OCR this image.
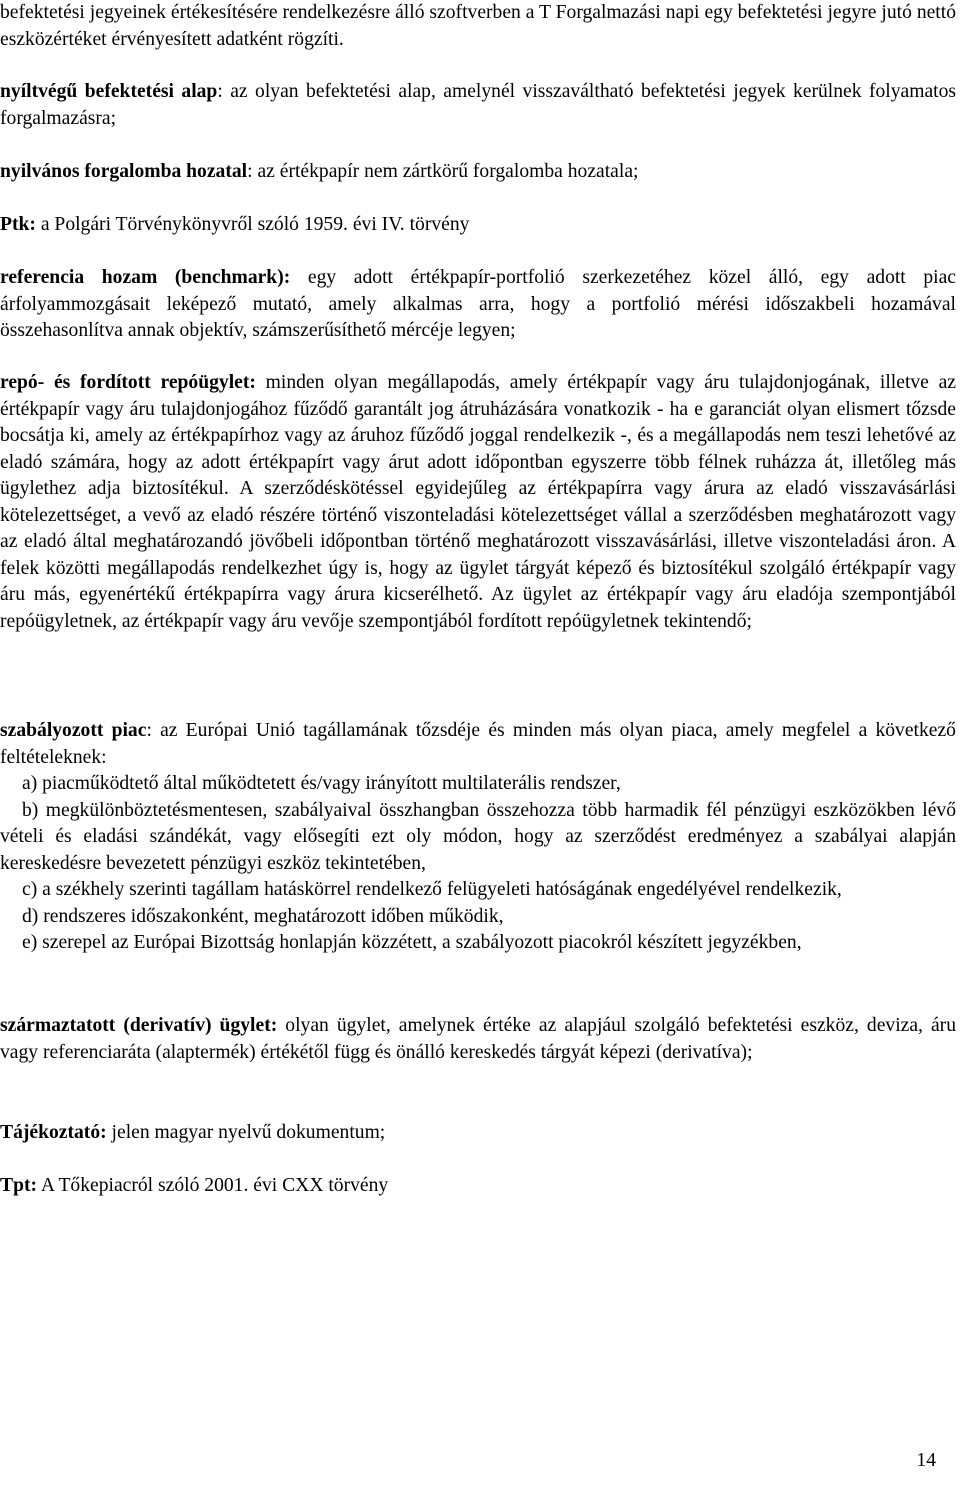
befektetési jegyeinek értékesítésére rendelkezésre álló szoftverben a T Forgalmazási napi egy befektetési jegyre jutó nettó eszközértéket érvényesített adatként rögzíti.

nyíltvégű befektetési alap: az olyan befektetési alap, amelynél visszaváltható befektetési jegyek kerülnek folyamatos forgalmazásra;

nyilvános forgalomba hozatal: az értékpapír nem zártkörű forgalomba hozatala;

Ptk: a Polgári Törvénykönyvről szóló 1959. évi IV. törvény

referencia hozam (benchmark): egy adott értékpapír-portfolió szerkezetéhez közel álló, egy adott piac árfolyammozgásait leképező mutató, amely alkalmas arra, hogy a portfolió mérési időszakbeli hozamával összehasonlítva annak objektív, számszerűsíthető mércéje legyen;

repó- és fordított repóügylet: minden olyan megállapodás, amely értékpapír vagy áru tulajdonjogának, illetve az értékpapír vagy áru tulajdonjogához fűződő garantált jog átruházására vonatkozik - ha e garanciát olyan elismert tőzsde bocsátja ki, amely az értékpapírhoz vagy az áruhoz fűződő joggal rendelkezik -, és a megállapodás nem teszi lehetővé az eladó számára, hogy az adott értékpapírt vagy árut adott időpontban egyszerre több félnek ruházza át, illetőleg más ügylethez adja biztosítékul. A szerződéskötéssel egyidejűleg az értékpapírra vagy árura az eladó visszavásárlási kötelezettséget, a vevő az eladó részére történő viszonteladási kötelezettséget vállal a szerződésben meghatározott vagy az eladó által meghatározandó jövőbeli időpontban történő meghatározott visszavásárlási, illetve viszonteladási áron. A felek közötti megállapodás rendelkezhet úgy is, hogy az ügylet tárgyát képező és biztosítékul szolgáló értékpapír vagy áru más, egyenértékű értékpapírra vagy árura kicserélhető. Az ügylet az értékpapír vagy áru eladója szempontjából repóügyletnek, az értékpapír vagy áru vevője szempontjából fordított repóügyletnek tekintendő;

szabályozott piac: az Európai Unió tagállamának tőzsdéje és minden más olyan piaca, amely megfelel a következő feltételeknek:

a) piacműködtető által működtetett és/vagy irányított multilaterális rendszer,

b) megkülönböztetésmentesen, szabályaival összhangban összehozza több harmadik fél pénzügyi eszközökben lévő vételi és eladási szándékát, vagy elősegíti ezt oly módon, hogy az szerződést eredményez a szabályai alapján kereskedésre bevezetett pénzügyi eszköz tekintetében,

c) a székhely szerinti tagállam hatáskörrel rendelkező felügyeleti hatóságának engedélyével rendelkezik,

d) rendszeres időszakonként, meghatározott időben működik,

e) szerepel az Európai Bizottság honlapján közzétett, a szabályozott piacokról készített jegyzékben,

származtatott (derivatív) ügylet: olyan ügylet, amelynek értéke az alapjául szolgáló befektetési eszköz, deviza, áru vagy referenciaráta (alaptermék) értékétől függ és önálló kereskedés tárgyát képezi (derivatíva);

Tájékoztató: jelen magyar nyelvű dokumentum;

Tpt: A Tőkepiacról szóló 2001. évi CXX törvény

14
